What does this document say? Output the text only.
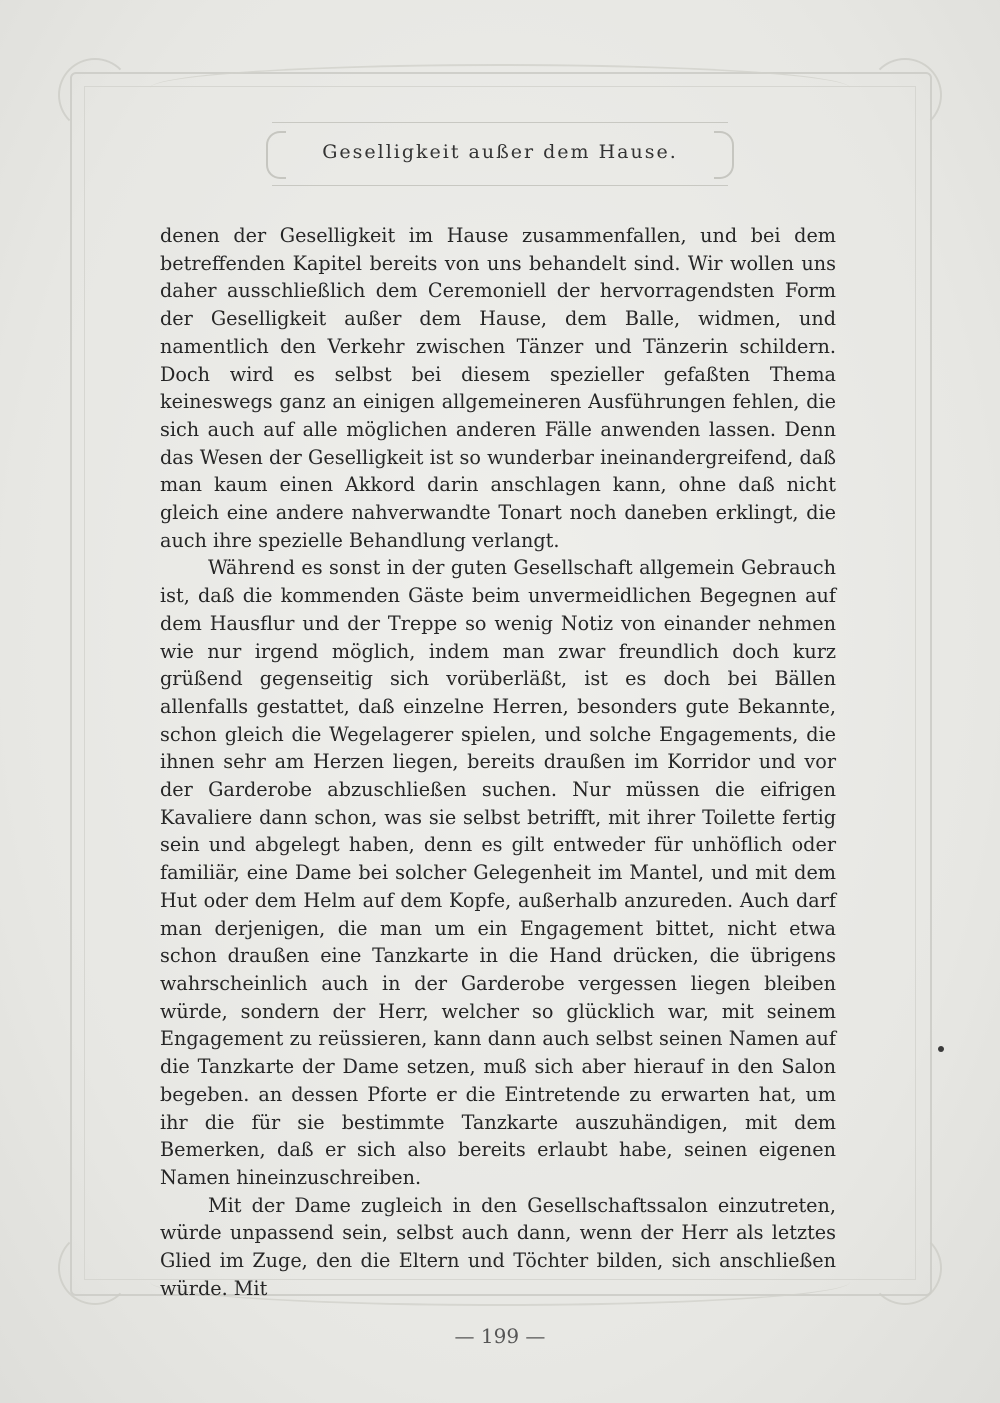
Geselligkeit außer dem Hause.

denen der Geselligkeit im Hause zusammenfallen, und bei dem betreffenden Kapitel bereits von uns behandelt sind. Wir wollen uns daher ausschließlich dem Ceremoniell der hervorragendsten Form der Geselligkeit außer dem Hause, dem Balle, widmen, und namentlich den Verkehr zwischen Tänzer und Tänzerin schildern. Doch wird es selbst bei diesem spezieller gefaßten Thema keineswegs ganz an einigen allgemeineren Ausführungen fehlen, die sich auch auf alle möglichen anderen Fälle anwenden lassen. Denn das Wesen der Geselligkeit ist so wunderbar ineinandergreifend, daß man kaum einen Akkord darin anschlagen kann, ohne daß nicht gleich eine andere nahverwandte Tonart noch daneben erklingt, die auch ihre spezielle Behandlung verlangt.

Während es sonst in der guten Gesellschaft allgemein Gebrauch ist, daß die kommenden Gäste beim unvermeidlichen Begegnen auf dem Hausflur und der Treppe so wenig Notiz von einander nehmen wie nur irgend möglich, indem man zwar freundlich doch kurz grüßend gegenseitig sich vorüberläßt, ist es doch bei Bällen allenfalls gestattet, daß einzelne Herren, besonders gute Bekannte, schon gleich die Wegelagerer spielen, und solche Engagements, die ihnen sehr am Herzen liegen, bereits draußen im Korridor und vor der Garderobe abzuschließen suchen. Nur müssen die eifrigen Kavaliere dann schon, was sie selbst betrifft, mit ihrer Toilette fertig sein und abgelegt haben, denn es gilt entweder für unhöflich oder familiär, eine Dame bei solcher Gelegenheit im Mantel, und mit dem Hut oder dem Helm auf dem Kopfe, außerhalb anzureden. Auch darf man derjenigen, die man um ein Engagement bittet, nicht etwa schon draußen eine Tanzkarte in die Hand drücken, die übrigens wahrscheinlich auch in der Garderobe vergessen liegen bleiben würde, sondern der Herr, welcher so glücklich war, mit seinem Engagement zu reüssieren, kann dann auch selbst seinen Namen auf die Tanzkarte der Dame setzen, muß sich aber hierauf in den Salon begeben. an dessen Pforte er die Eintretende zu erwarten hat, um ihr die für sie bestimmte Tanzkarte auszuhändigen, mit dem Bemerken, daß er sich also bereits erlaubt habe, seinen eigenen Namen hineinzuschreiben.

Mit der Dame zugleich in den Gesellschaftssalon einzutreten, würde unpassend sein, selbst auch dann, wenn der Herr als letztes Glied im Zuge, den die Eltern und Töchter bilden, sich anschließen würde. Mit

— 199 —
